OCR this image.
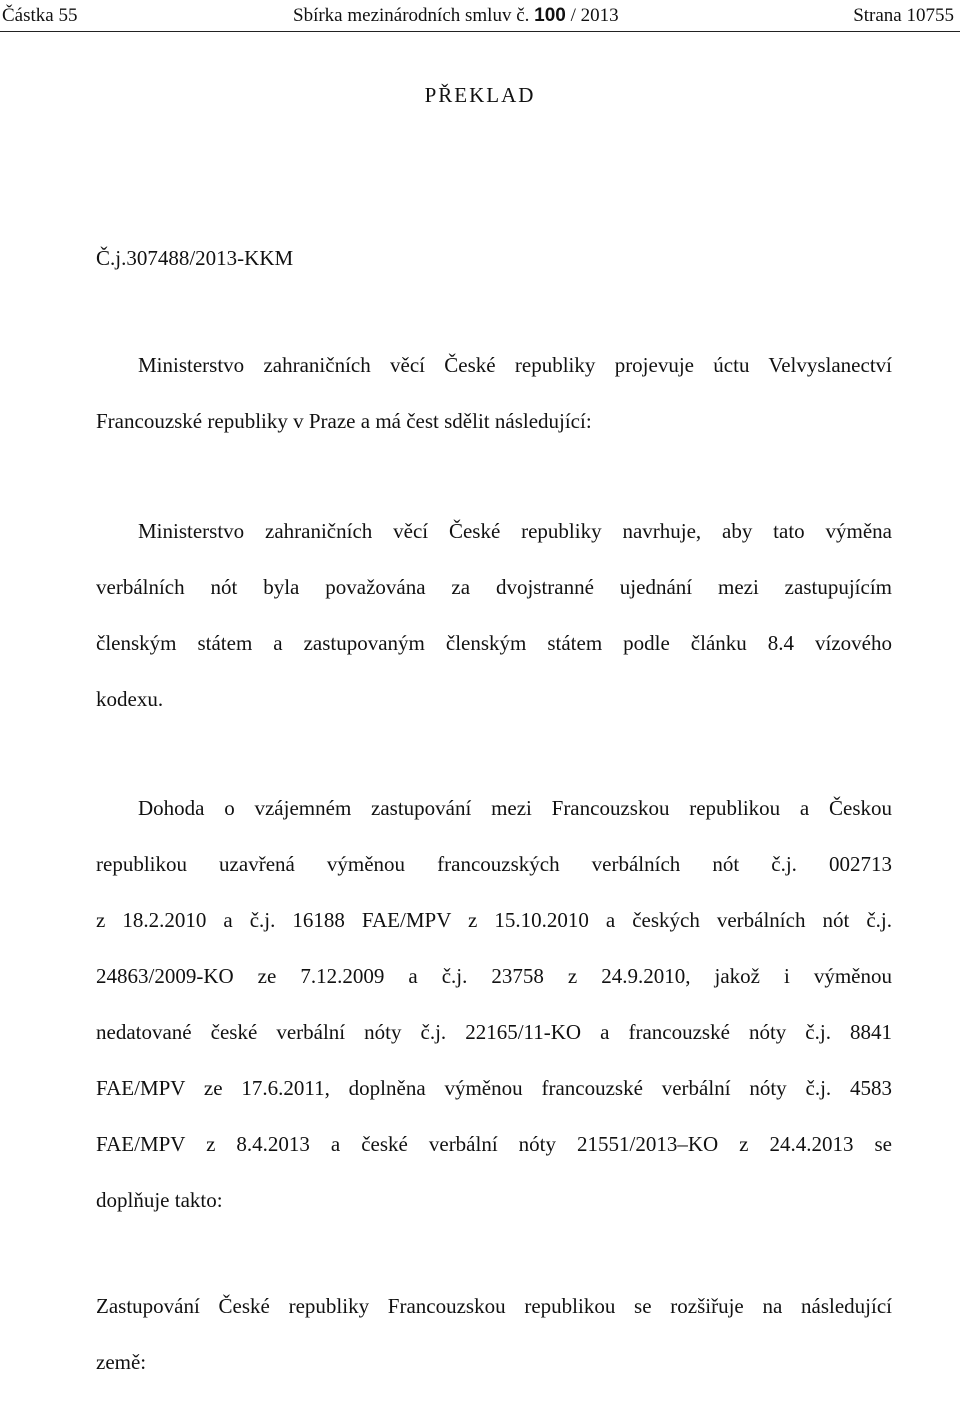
Částka 55	Sbírka mezinárodních smluv č. 100 / 2013	Strana 10755
PŘEKLAD
Č.j.307488/2013-KKM
Ministerstvo zahraničních věcí České republiky projevuje úctu Velvyslanectví
Francouzské republiky v Praze a má čest sdělit následující:
Ministerstvo zahraničních věcí České republiky navrhuje, aby tato výměna
verbálních nót byla považována za dvojstranné ujednání mezi zastupujícím
členským státem a zastupovaným členským státem podle článku 8.4 vízového
kodexu.
Dohoda o vzájemném zastupování mezi Francouzskou republikou a Českou
republikou uzavřená výměnou francouzských verbálních nót č.j. 002713
z 18.2.2010 a č.j. 16188 FAE/MPV z 15.10.2010 a českých verbálních nót č.j.
24863/2009-KO ze 7.12.2009 a č.j. 23758 z 24.9.2010, jakož i výměnou
nedatované české verbální nóty č.j. 22165/11-KO a francouzské nóty č.j. 8841
FAE/MPV ze 17.6.2011, doplněna výměnou francouzské verbální nóty č.j. 4583
FAE/MPV z 8.4.2013 a české verbální nóty 21551/2013–KO z 24.4.2013 se
doplňuje takto:
Zastupování České republiky Francouzskou republikou se rozšiřuje na následující
země:
